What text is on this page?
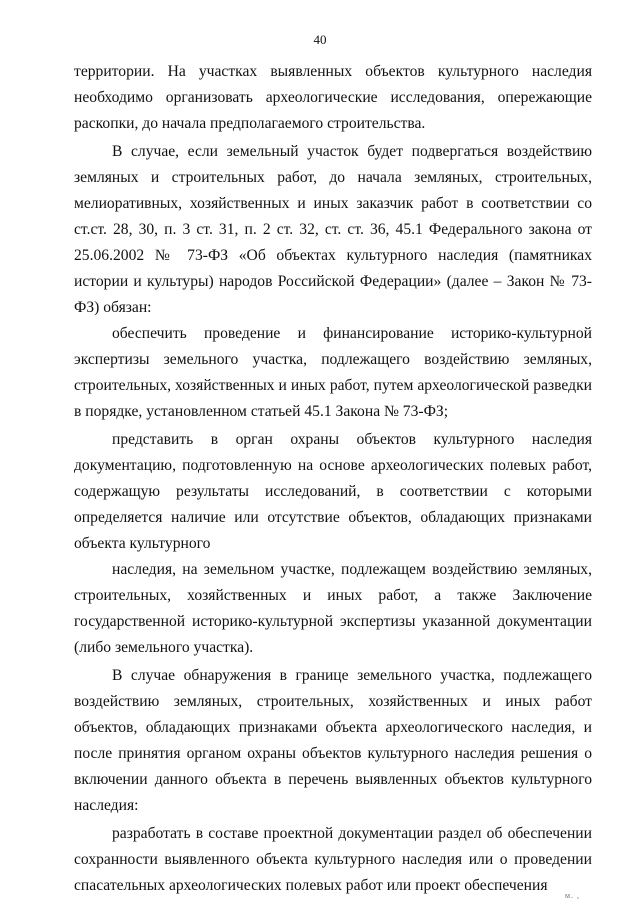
40

территории. На участках выявленных объектов культурного наследия необходимо организовать археологические исследования, опережающие раскопки, до начала предполагаемого строительства.

В случае, если земельный участок будет подвергаться воздействию земляных и строительных работ, до начала земляных, строительных, мелиоративных, хозяйственных и иных заказчик работ в соответствии со ст.ст. 28, 30, п. 3 ст. 31, п. 2 ст. 32, ст. ст. 36, 45.1 Федерального закона от 25.06.2002 № 73-ФЗ «Об объектах культурного наследия (памятниках истории и культуры) народов Российской Федерации» (далее – Закон № 73-ФЗ) обязан:

обеспечить проведение и финансирование историко-культурной экспертизы земельного участка, подлежащего воздействию земляных, строительных, хозяйственных и иных работ, путем археологической разведки в порядке, установленном статьей 45.1 Закона № 73-ФЗ;

представить в орган охраны объектов культурного наследия документацию, подготовленную на основе археологических полевых работ, содержащую результаты исследований, в соответствии с которыми определяется наличие или отсутствие объектов, обладающих признаками объекта культурного

наследия, на земельном участке, подлежащем воздействию земляных, строительных, хозяйственных и иных работ, а также Заключение государственной историко-культурной экспертизы указанной документации (либо земельного участка).

В случае обнаружения в границе земельного участка, подлежащего воздействию земляных, строительных, хозяйственных и иных работ объектов, обладающих признаками объекта археологического наследия, и после принятия органом охраны объектов культурного наследия решения о включении данного объекта в перечень выявленных объектов культурного наследия:

разработать в составе проектной документации раздел об обеспечении сохранности выявленного объекта культурного наследия или о проведении спасательных археологических полевых работ или проект обеспечения

м. ,
